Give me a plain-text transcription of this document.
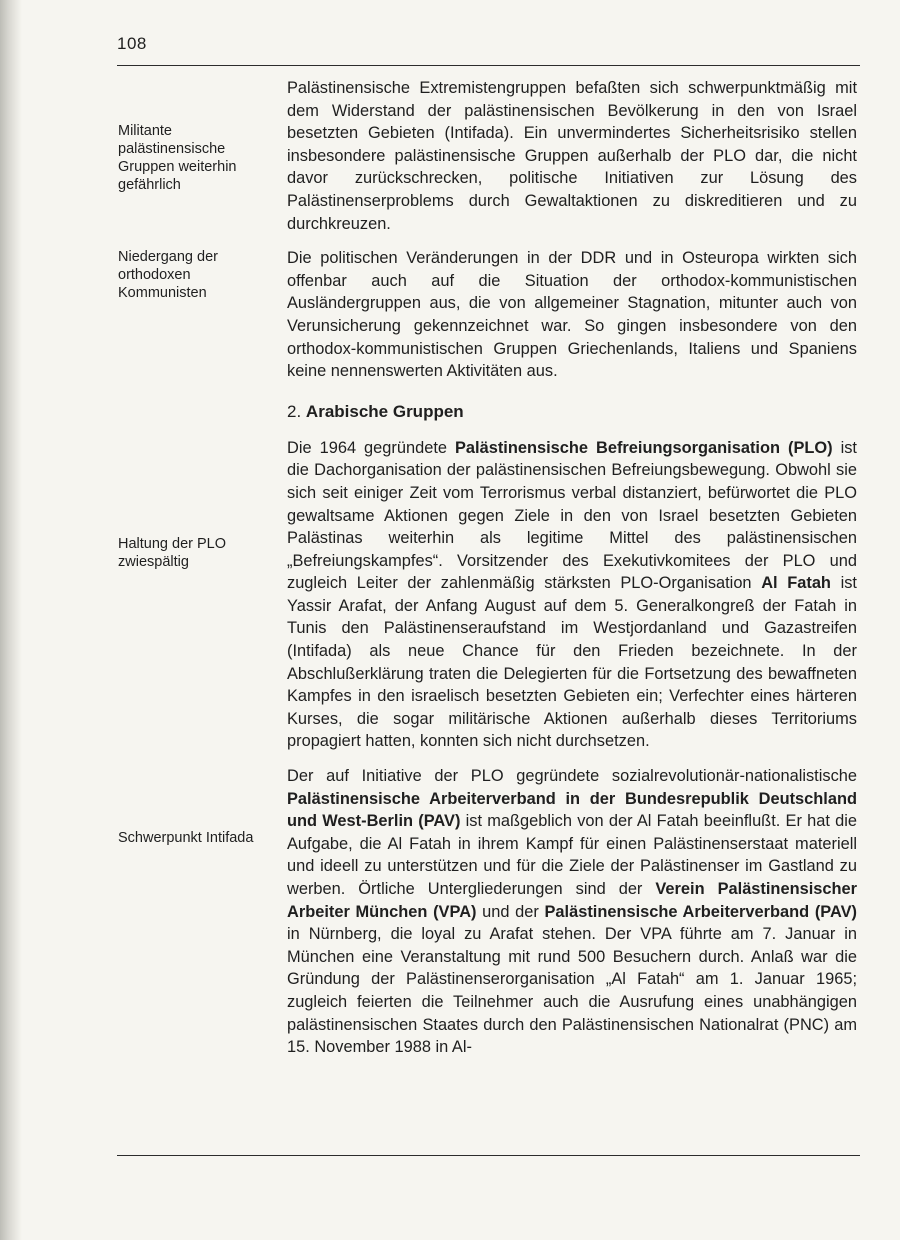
108
Militante palästinensische Gruppen weiterhin gefährlich
Niedergang der orthodoxen Kommunisten
Haltung der PLO zwiespältig
Schwerpunkt Intifada

Palästinensische Extremistengruppen befaßten sich schwerpunktmäßig mit dem Widerstand der palästinensischen Bevölkerung in den von Israel besetzten Gebieten (Intifada). Ein unvermindertes Sicherheitsrisiko stellen insbesondere palästinensische Gruppen außerhalb der PLO dar, die nicht davor zurückschrecken, politische Initiativen zur Lösung des Palästinenserproblems durch Gewaltaktionen zu diskreditieren und zu durchkreuzen.

Die politischen Veränderungen in der DDR und in Osteuropa wirkten sich offenbar auch auf die Situation der orthodox-kommunistischen Ausländergruppen aus, die von allgemeiner Stagnation, mitunter auch von Verunsicherung gekennzeichnet war. So gingen insbesondere von den orthodox-kommunistischen Gruppen Griechenlands, Italiens und Spaniens keine nennenswerten Aktivitäten aus.

2. Arabische Gruppen

Die 1964 gegründete Palästinensische Befreiungsorganisation (PLO) ist die Dachorganisation der palästinensischen Befreiungsbewegung. Obwohl sie sich seit einiger Zeit vom Terrorismus verbal distanziert, befürwortet die PLO gewaltsame Aktionen gegen Ziele in den von Israel besetzten Gebieten Palästinas weiterhin als legitime Mittel des palästinensischen „Befreiungskampfes“. Vorsitzender des Exekutivkomitees der PLO und zugleich Leiter der zahlenmäßig stärksten PLO-Organisation Al Fatah ist Yassir Arafat, der Anfang August auf dem 5. Generalkongreß der Fatah in Tunis den Palästinenseraufstand im Westjordanland und Gazastreifen (Intifada) als neue Chance für den Frieden bezeichnete. In der Abschlußerklärung traten die Delegierten für die Fortsetzung des bewaffneten Kampfes in den israelisch besetzten Gebieten ein; Verfechter eines härteren Kurses, die sogar militärische Aktionen außerhalb dieses Territoriums propagiert hatten, konnten sich nicht durchsetzen.

Der auf Initiative der PLO gegründete sozialrevolutionär-nationalistische Palästinensische Arbeiterverband in der Bundesrepublik Deutschland und West-Berlin (PAV) ist maßgeblich von der Al Fatah beeinflußt. Er hat die Aufgabe, die Al Fatah in ihrem Kampf für einen Palästinenserstaat materiell und ideell zu unterstützen und für die Ziele der Palästinenser im Gastland zu werben. Örtliche Untergliederungen sind der Verein Palästinensischer Arbeiter München (VPA) und der Palästinensische Arbeiterverband (PAV) in Nürnberg, die loyal zu Arafat stehen. Der VPA führte am 7. Januar in München eine Veranstaltung mit rund 500 Besuchern durch. Anlaß war die Gründung der Palästinenserorganisation „Al Fatah“ am 1. Januar 1965; zugleich feierten die Teilnehmer auch die Ausrufung eines unabhängigen palästinensischen Staates durch den Palästinensischen Nationalrat (PNC) am 15. November 1988 in Al-
